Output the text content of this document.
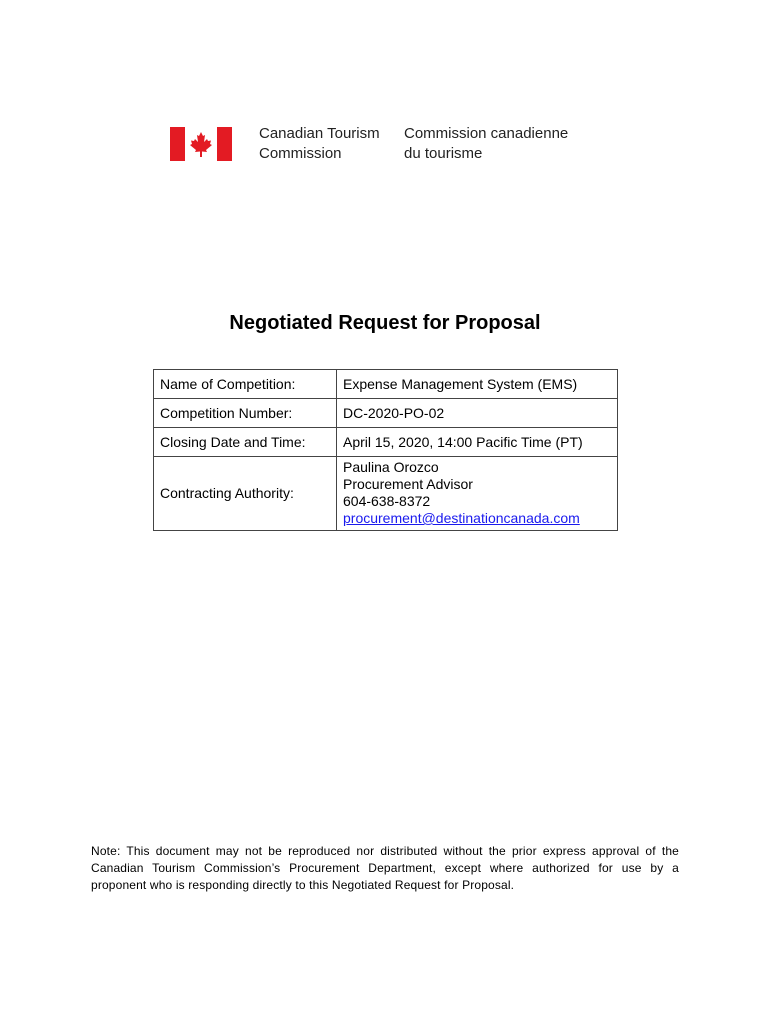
Canadian Tourism
Commission
Commission canadienne
du tourisme
Negotiated Request for Proposal
Name of Competition:	Expense Management System (EMS)
Competition Number:	DC-2020-PO-02
Closing Date and Time:	April 15, 2020, 14:00 Pacific Time (PT)
Contracting Authority:	Paulina Orozco
Procurement Advisor
604-638-8372
procurement@destinationcanada.com
Note: This document may not be reproduced nor distributed without the prior express approval of the Canadian Tourism Commission’s Procurement Department, except where authorized for use by a proponent who is responding directly to this Negotiated Request for Proposal.
